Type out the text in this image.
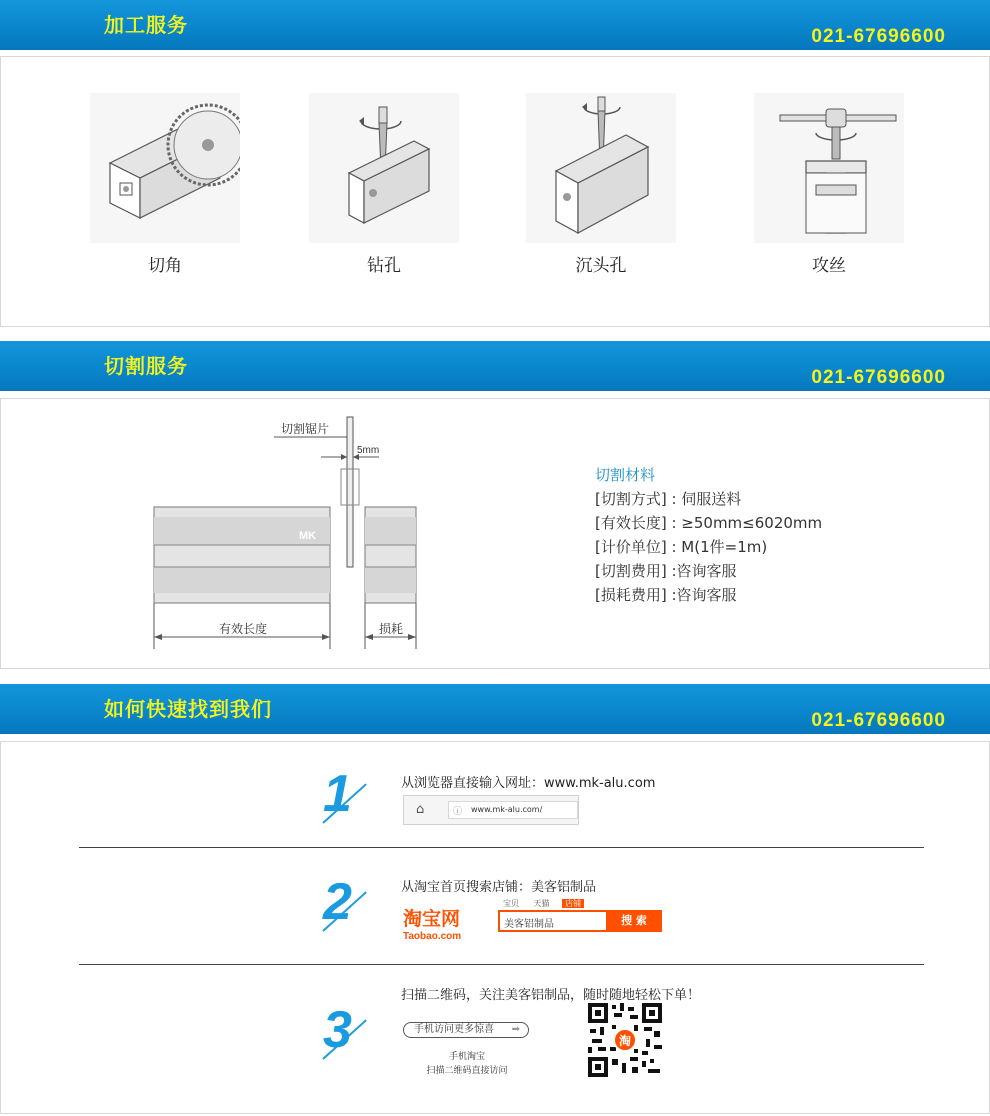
加工服务	021-67696600
切角	钻孔	沉头孔	攻丝
切割服务	021-67696600
切割锯片
5mm
MK
有效长度	损耗
切割材料
[切割方式] : 伺服送料
[有效长度] : ≥50mm≤6020mm
[计价单位] : M(1件=1m)
[切割费用] :咨询客服
[损耗费用] :咨询客服
如何快速找到我们	021-67696600
1	从浏览器直接输入网址：www.mk-alu.com
⌂	ⓘ www.mk-alu.com/
2	从淘宝首页搜索店铺：美客铝制品
淘宝网
Taobao.com
宝贝 天猫 店铺
美客铝制品	搜 索
3
扫描二维码，关注美客铝制品，随时随地轻松下单！
手机访问更多惊喜 ➡
手机淘宝
扫描二维码直接访问
淘
